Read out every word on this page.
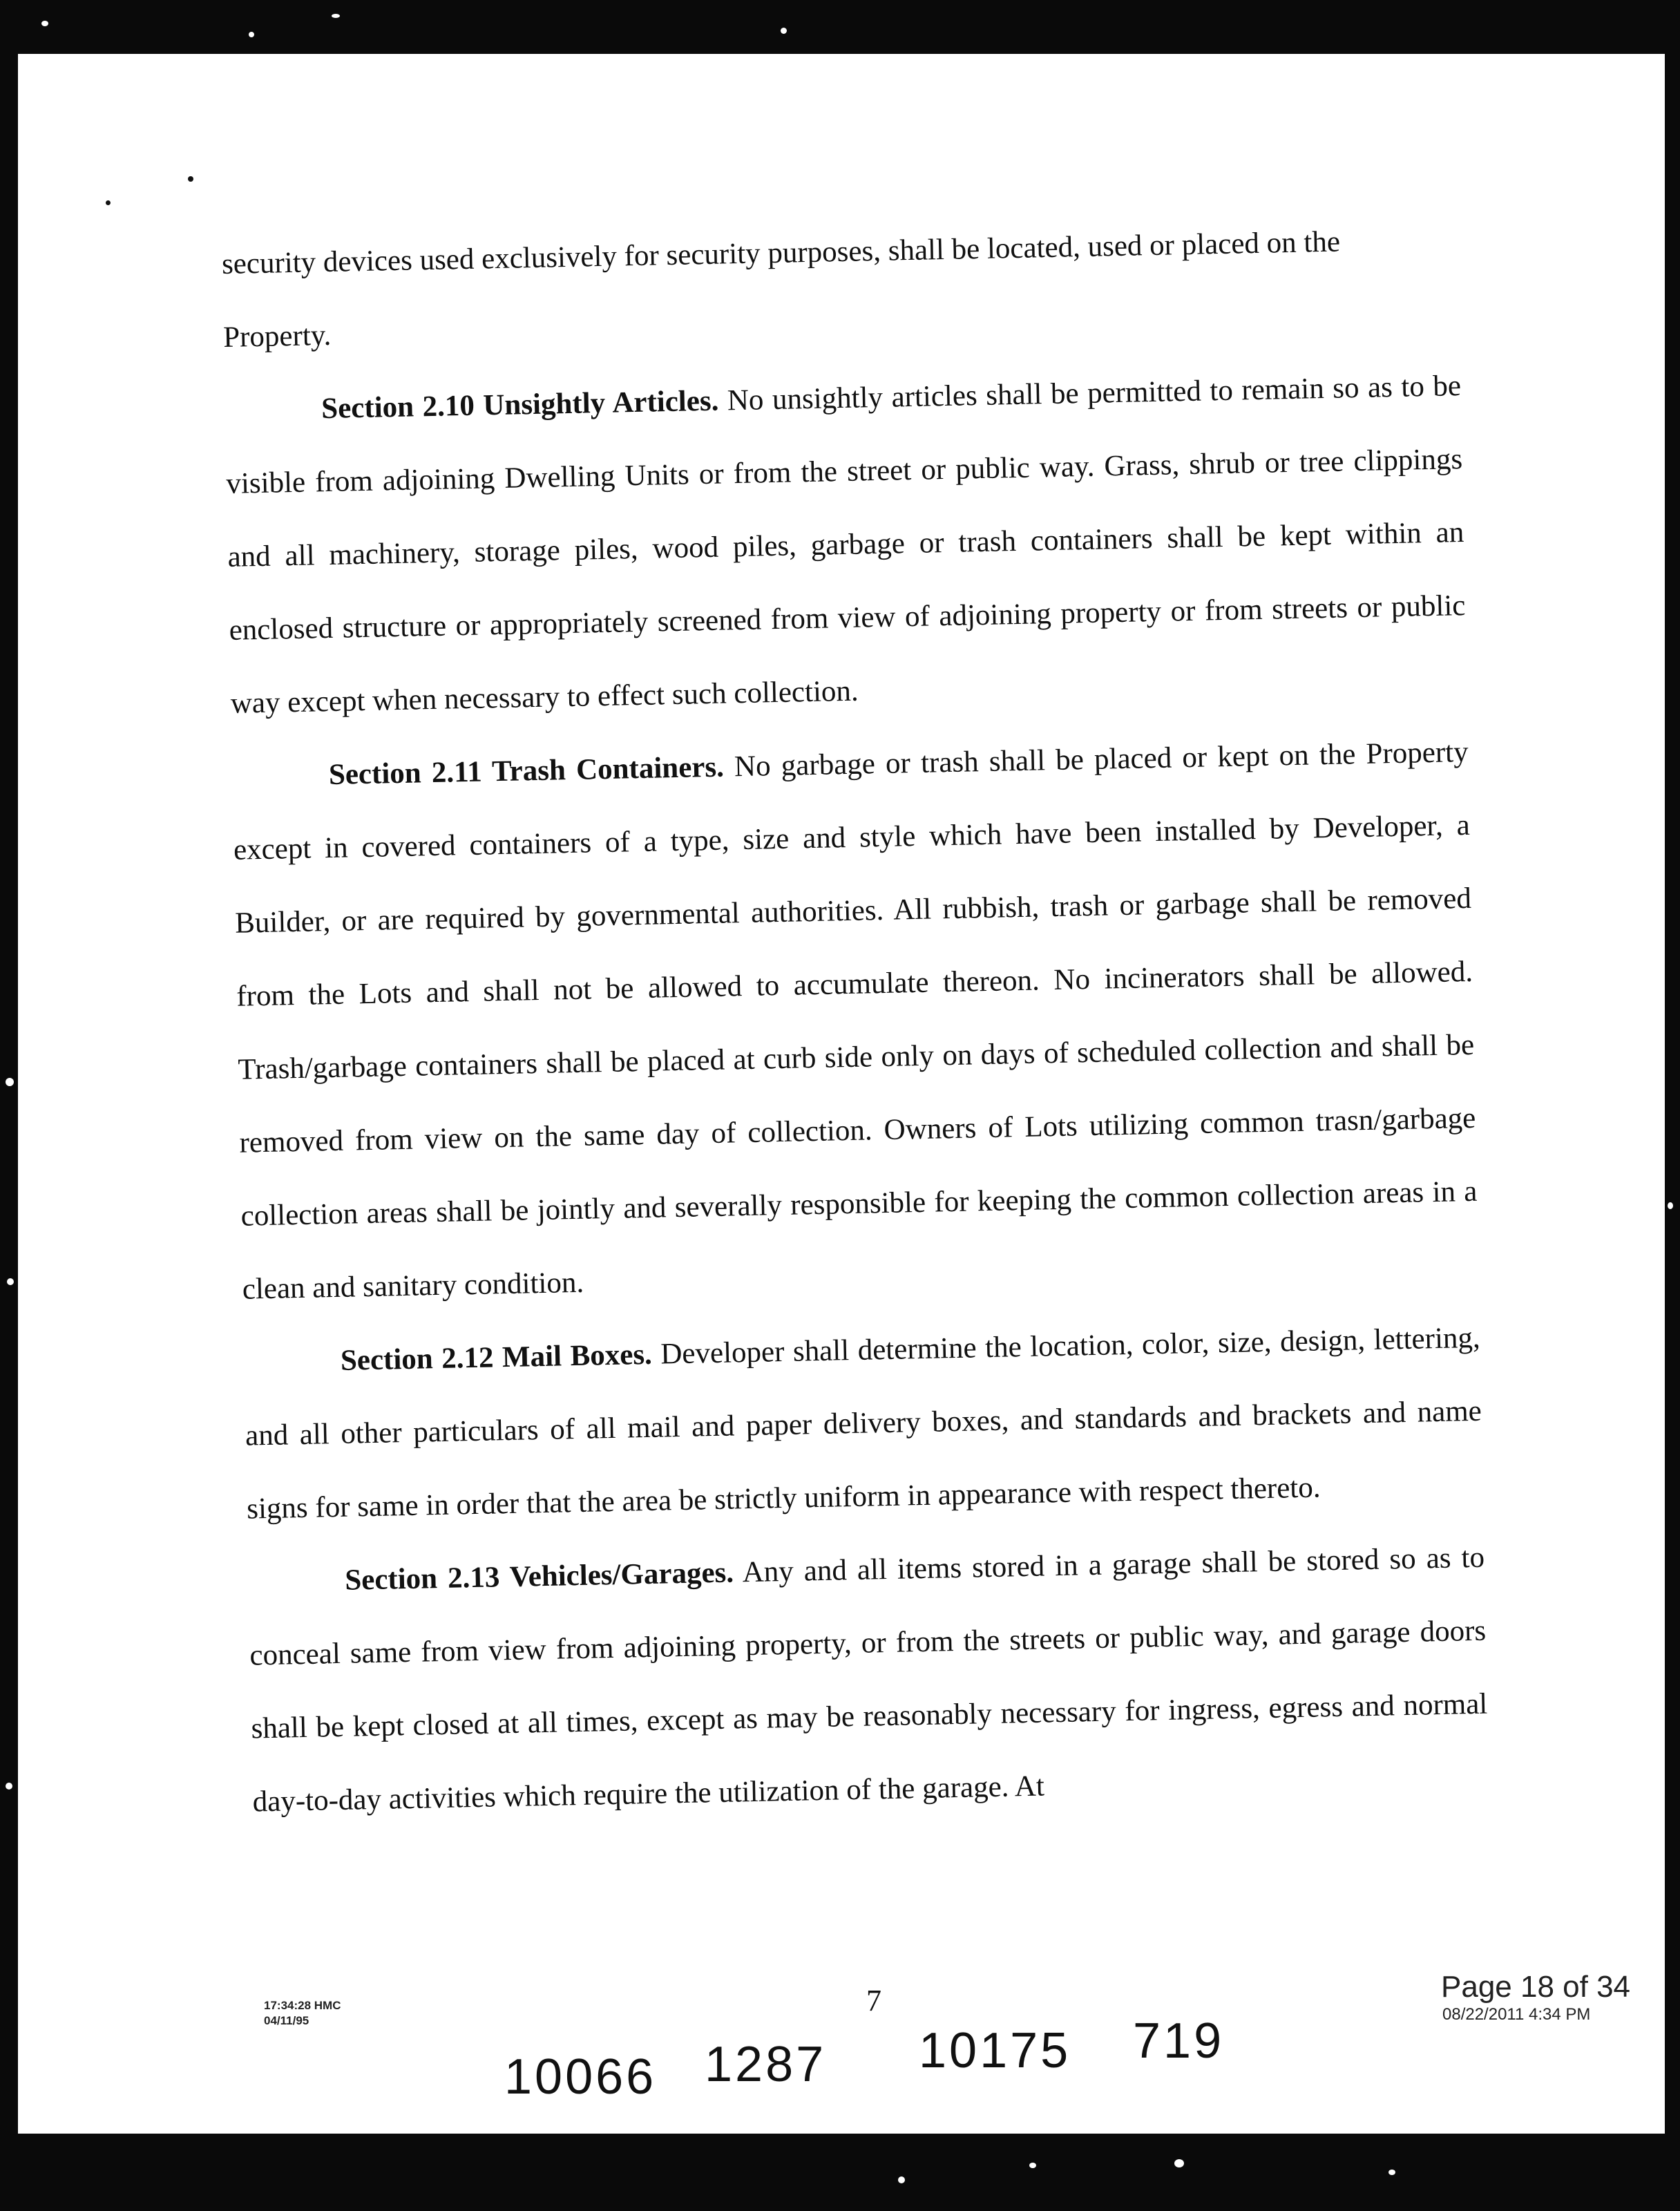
security devices used exclusively for security purposes, shall be located, used or placed on the

Property.

Section 2.10 Unsightly Articles. No unsightly articles shall be permitted to remain so as to be visible from adjoining Dwelling Units or from the street or public way. Grass, shrub or tree clippings and all machinery, storage piles, wood piles, garbage or trash containers shall be kept within an enclosed structure or appropriately screened from view of adjoining property or from streets or public way except when necessary to effect such collection.

Section 2.11 Trash Containers. No garbage or trash shall be placed or kept on the Property except in covered containers of a type, size and style which have been installed by Developer, a Builder, or are required by governmental authorities. All rubbish, trash or garbage shall be removed from the Lots and shall not be allowed to accumulate thereon. No incinerators shall be allowed. Trash/garbage containers shall be placed at curb side only on days of scheduled collection and shall be removed from view on the same day of collection. Owners of Lots utilizing common trasn/garbage collection areas shall be jointly and severally responsible for keeping the common collection areas in a clean and sanitary condition.

Section 2.12 Mail Boxes. Developer shall determine the location, color, size, design, lettering, and all other particulars of all mail and paper delivery boxes, and standards and brackets and name signs for same in order that the area be strictly uniform in appearance with respect thereto.

Section 2.13 Vehicles/Garages. Any and all items stored in a garage shall be stored so as to conceal same from view from adjoining property, or from the streets or public way, and garage doors shall be kept closed at all times, except as may be reasonably necessary for ingress, egress and normal day-to-day activities which require the utilization of the garage. At

17:34:28 HMC
04/11/95
7	Page 18 of 34
08/22/2011 4:34 PM
10066 1287 10175 719
